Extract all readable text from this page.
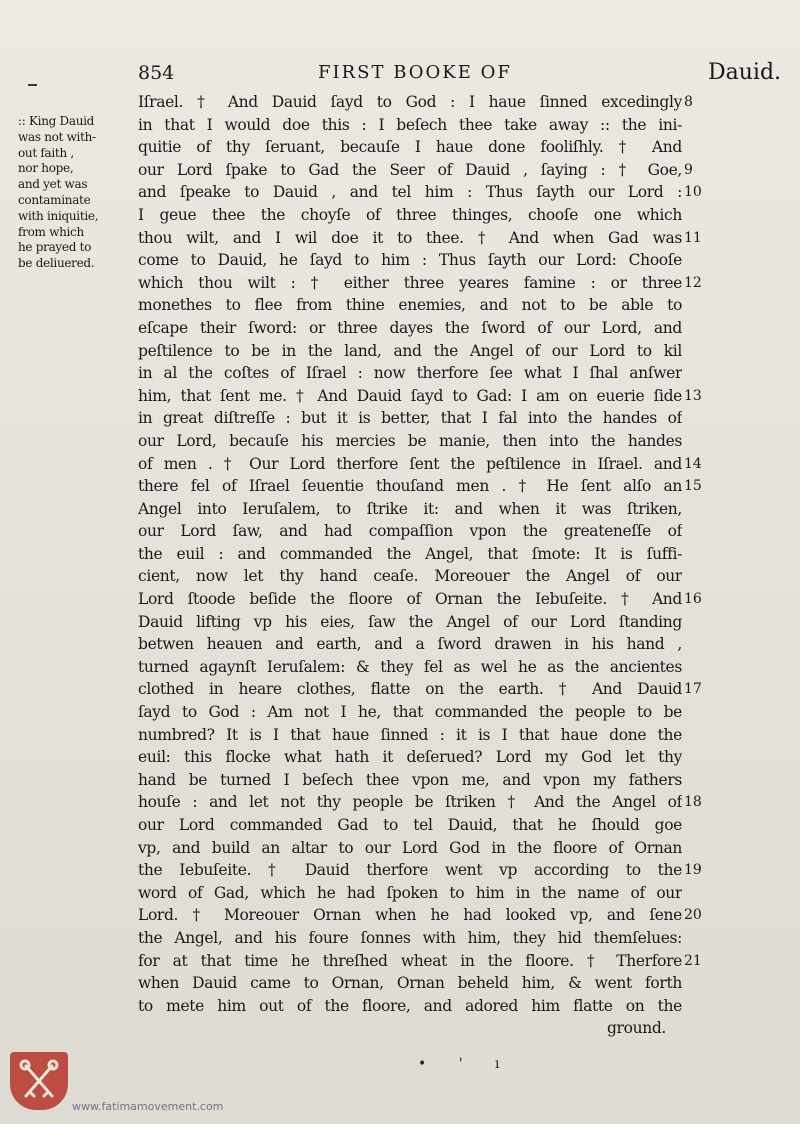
854	FIRST BOOKE OF	Dauid.
:: King Dauid
was not with-
out faith ,
nor hope,
and yet was
contaminate
with iniquitie,
from which
he prayed to
be deliuered.
Iſrael. † And Dauid ſayd to God : I haue ſinned excedingly
in that I would doe this : I beſech thee take away :: the ini-
quitie of thy ſeruant, becauſe I haue done fooliſhly. † And
our Lord ſpake to Gad the Seer of Dauid , ſaying : † Goe,
and ſpeake to Dauid , and tel him : Thus ſayth our Lord :
I geue thee the choyſe of three thinges, chooſe one which
thou wilt, and I wil doe it to thee. † And when Gad was
come to Dauid, he ſayd to him : Thus ſayth our Lord: Chooſe
which thou wilt : † either three yeares famine : or three
monethes to flee from thine enemies, and not to be able to
eſcape their ſword: or three dayes the ſword of our Lord, and
peſtilence to be in the land, and the Angel of our Lord to kil
in al the coſtes of Iſrael : now therfore ſee what I ſhal anſwer
him, that ſent me. † And Dauid ſayd to Gad: I am on euerie ſide
in great diſtreſſe : but it is better, that I fal into the handes of
our Lord, becauſe his mercies be manie, then into the handes
of men . † Our Lord therfore ſent the peſtilence in Iſrael. and
there fel of Iſrael ſeuentie thouſand men . † He ſent alſo an
Angel into Ieruſalem, to ſtrike it: and when it was ſtriken,
our Lord ſaw, and had compaſſion vpon the greateneſſe of
the euil : and commanded the Angel, that ſmote: It is ſuffi-
cient, now let thy hand ceaſe. Moreouer the Angel of our
Lord ſtoode beſide the floore of Ornan the Iebuſeite. † And
Dauid lifting vp his eies, ſaw the Angel of our Lord ſtanding
betwen heauen and earth, and a ſword drawen in his hand ,
turned agaynſt Ieruſalem: & they fel as wel he as the ancientes
clothed in heare clothes, flatte on the earth. † And Dauid
ſayd to God : Am not I he, that commanded the people to be
numbred? It is I that haue ſinned : it is I that haue done the
euil: this flocke what hath it deſerued? Lord my God let thy
hand be turned I beſech thee vpon me, and vpon my fathers
houſe : and let not thy people be ſtriken † And the Angel of
our Lord commanded Gad to tel Dauid, that he ſhould goe
vp, and build an altar to our Lord God in the floore of Ornan
the Iebuſeite. † Dauid therfore went vp according to the
word of Gad, which he had ſpoken to him in the name of our
Lord. † Moreouer Ornan when he had looked vp, and ſene
the Angel, and his foure ſonnes with him, they hid themſelues:
for at that time he threſhed wheat in the floore. † Therfore
when Dauid came to Ornan, Ornan beheld him, & went forth
to mete him out of the floore, and adored him flatte on the
ground.
8
9
10
11
12
13
14
15
16
17
18
19
20
21
• ' ı
www.fatimamovement.com
